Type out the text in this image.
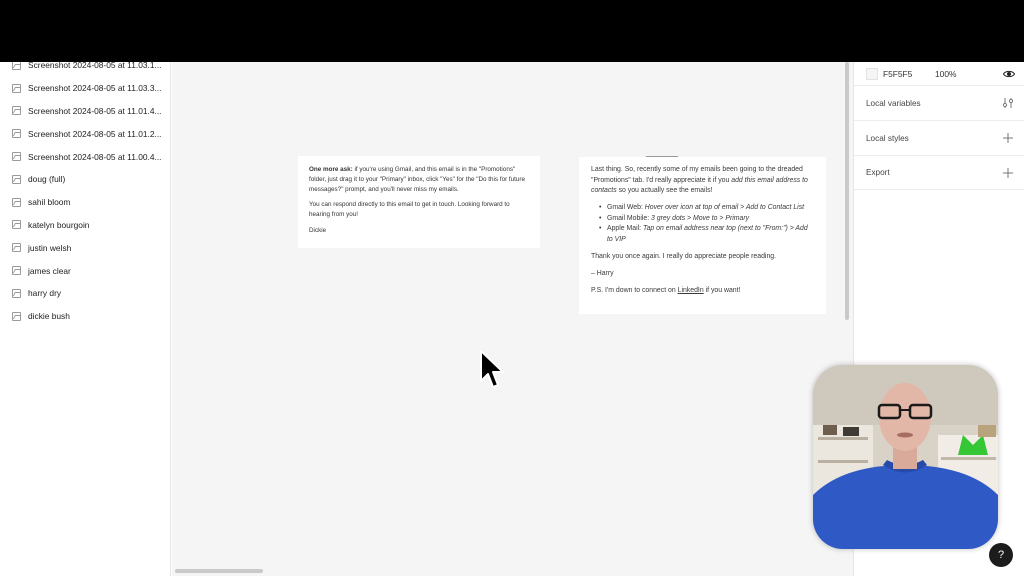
Screenshot 2024-08-05 at 11.03.1...
Screenshot 2024-08-05 at 11.03.3...
Screenshot 2024-08-05 at 11.01.4...
Screenshot 2024-08-05 at 11.01.2...
Screenshot 2024-08-05 at 11.00.4...
doug (full)
sahil bloom
katelyn bourgoin
justin welsh
james clear
harry dry
dickie bush

One more ask: if you're using Gmail, and this email is in the "Promotions" folder, just drag it to your "Primary" inbox, click "Yes" for the "Do this for future messages?" prompt, and you'll never miss my emails.

You can respond directly to this email to get in touch. Looking forward to hearing from you!

Dickie

Last thing. So, recently some of my emails been going to the dreaded "Promotions" tab. I'd really appreciate it if you add this email address to contacts so you actually see the emails!

• Gmail Web: Hover over icon at top of email > Add to Contact List
• Gmail Mobile: 3 grey dots > Move to > Primary
• Apple Mail: Tap on email address near top (next to "From:") > Add to VIP

Thank you once again. I really do appreciate people reading.

– Harry

P.S. I'm down to connect on LinkedIn if you want!

F5F5F5	100%
Local variables
Local styles
Export
?
